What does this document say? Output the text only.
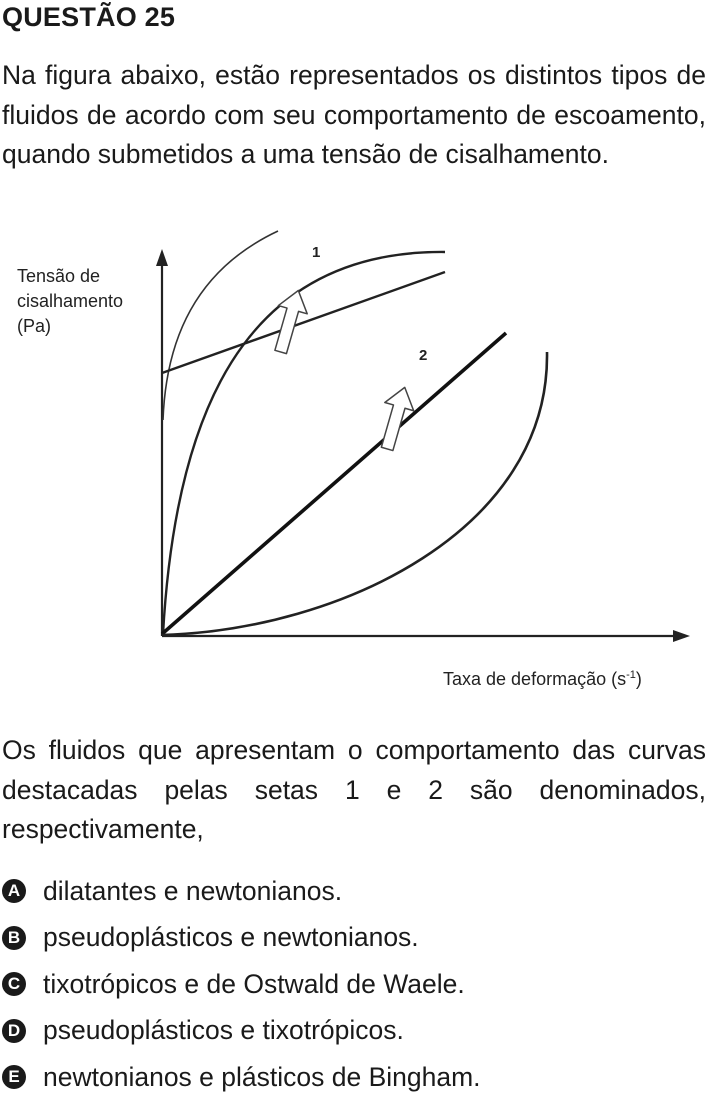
QUESTÃO 25
Na figura abaixo, estão representados os distintos tipos de fluidos de acordo com seu comportamento de escoamento, quando submetidos a uma tensão de cisalhamento.
Tensão de
cisalhamento
(Pa)
Taxa de deformação $(s^{-1})$
1
2
Os fluidos que apresentam o comportamento das curvas destacadas pelas setas 1 e 2 são denominados, respectivamente,
A dilatantes e newtonianos.
B pseudoplásticos e newtonianos.
C tixotrópicos e de Ostwald de Waele.
D pseudoplásticos e tixotrópicos.
E newtonianos e plásticos de Bingham.
